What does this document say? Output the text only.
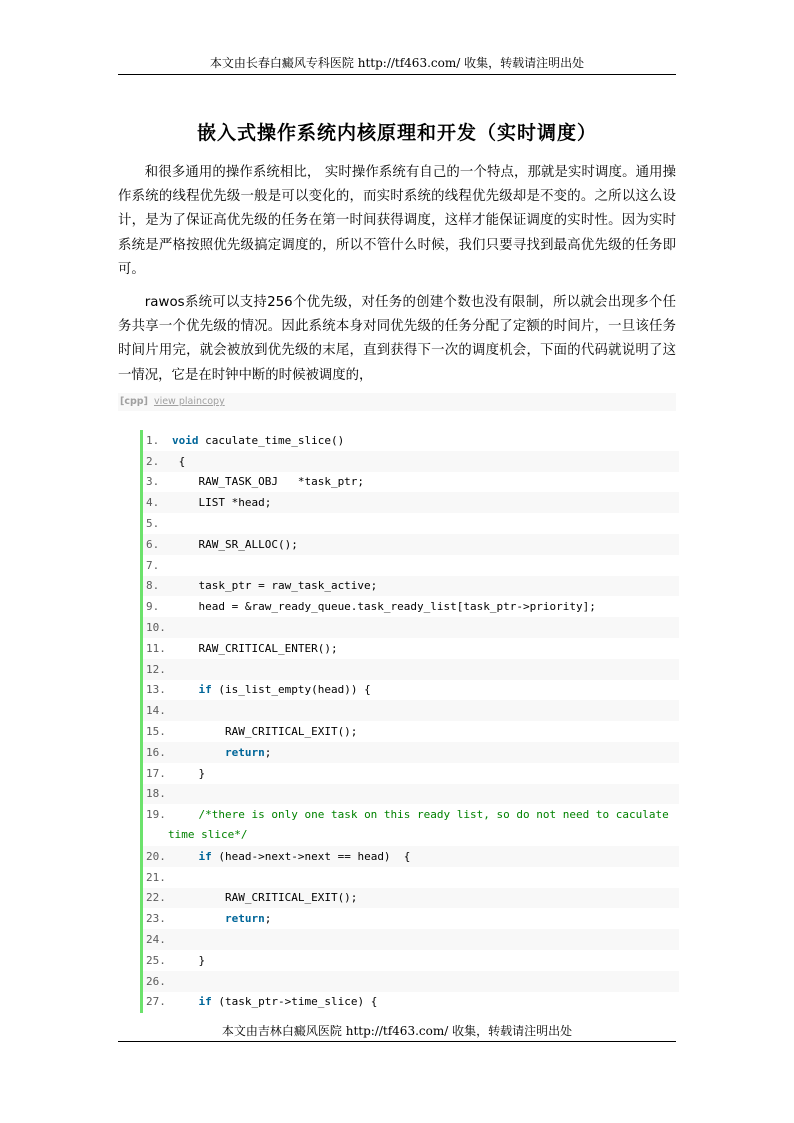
本文由长春白癜风专科医院 http://tf463.com/ 收集，转载请注明出处
嵌入式操作系统内核原理和开发（实时调度）

和很多通用的操作系统相比， 实时操作系统有自己的一个特点，那就是实时调度。通用操作系统的线程优先级一般是可以变化的，而实时系统的线程优先级却是不变的。之所以这么设计，是为了保证高优先级的任务在第一时间获得调度，这样才能保证调度的实时性。因为实时系统是严格按照优先级搞定调度的，所以不管什么时候，我们只要寻找到最高优先级的任务即可。

rawos系统可以支持256个优先级，对任务的创建个数也没有限制，所以就会出现多个任务共享一个优先级的情况。因此系统本身对同优先级的任务分配了定额的时间片，一旦该任务时间片用完，就会被放到优先级的末尾，直到获得下一次的调度机会，下面的代码就说明了这一情况，它是在时钟中断的时候被调度的，

[cpp] view plaincopy
1.	void caculate_time_slice()
2.	{
3.	RAW_TASK_OBJ   *task_ptr;
4.	LIST *head;
5.
6.	RAW_SR_ALLOC();
7.
8.	task_ptr = raw_task_active;
9.	head = &raw_ready_queue.task_ready_list[task_ptr->priority];
10.
11. RAW_CRITICAL_ENTER();
12.
13.	if (is_list_empty(head)) {
14.
15. RAW_CRITICAL_EXIT();
16.	return;
17. }
18.
19.	/*there is only one task on this ready list, so do not need to caculate
time slice*/
20.	if (head->next->next == head)  {
21.
22. RAW_CRITICAL_EXIT();
23.	return;
24.
25. }
26.
27.	if (task_ptr->time_slice) {
本文由吉林白癜风医院 http://tf463.com/ 收集，转载请注明出处
